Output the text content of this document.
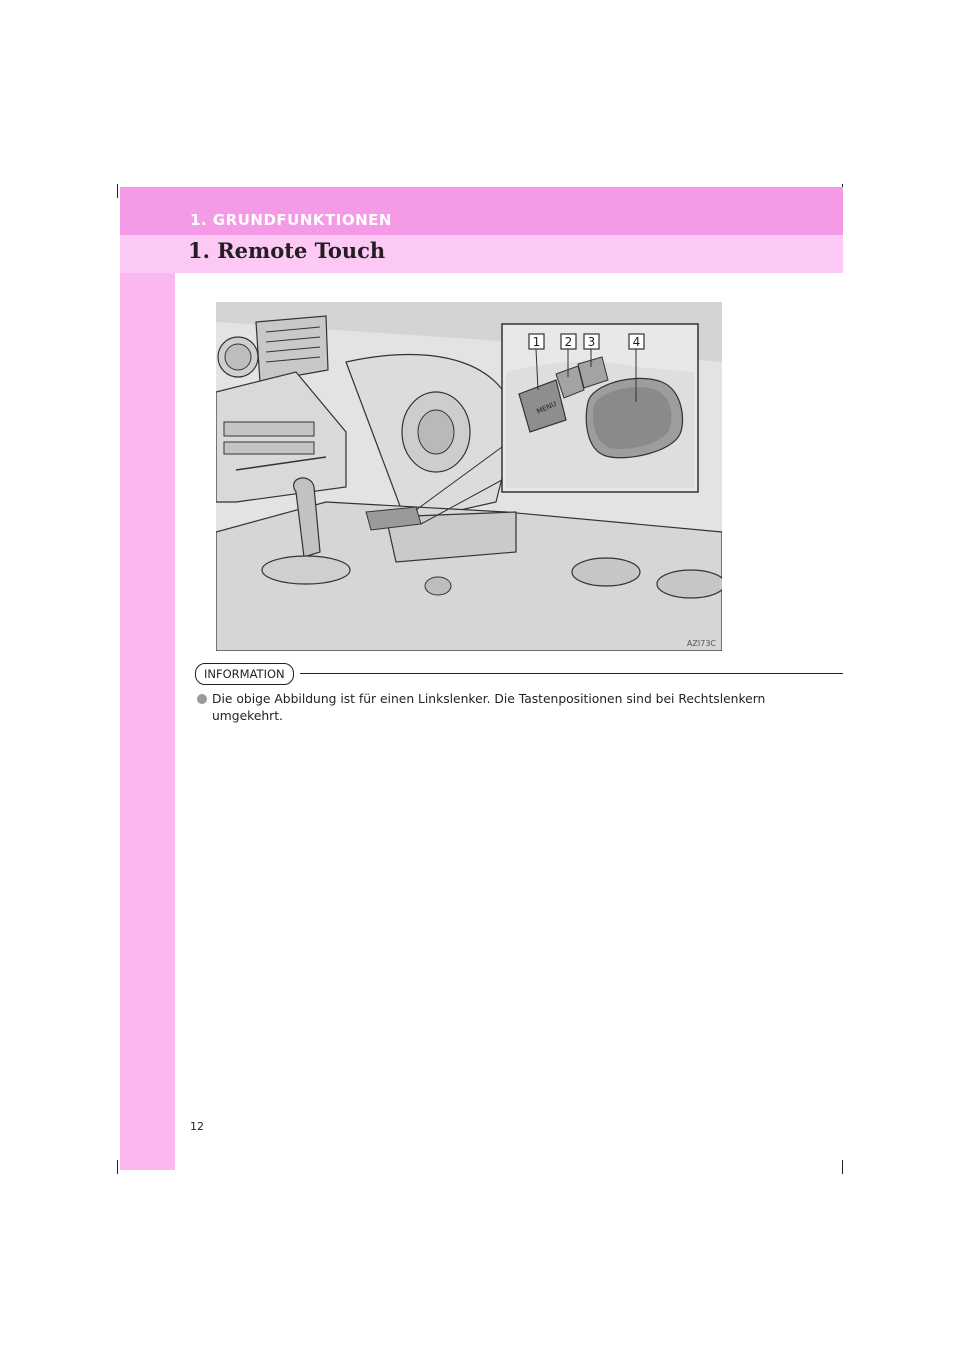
1. GRUNDFUNKTIONEN
1. Remote Touch
1 2 3	4
MENU
AZI73C
INFORMATION
Die obige Abbildung ist für einen Linkslenker. Die Tastenpositionen sind bei Rechtslenkern umgekehrt.
12
